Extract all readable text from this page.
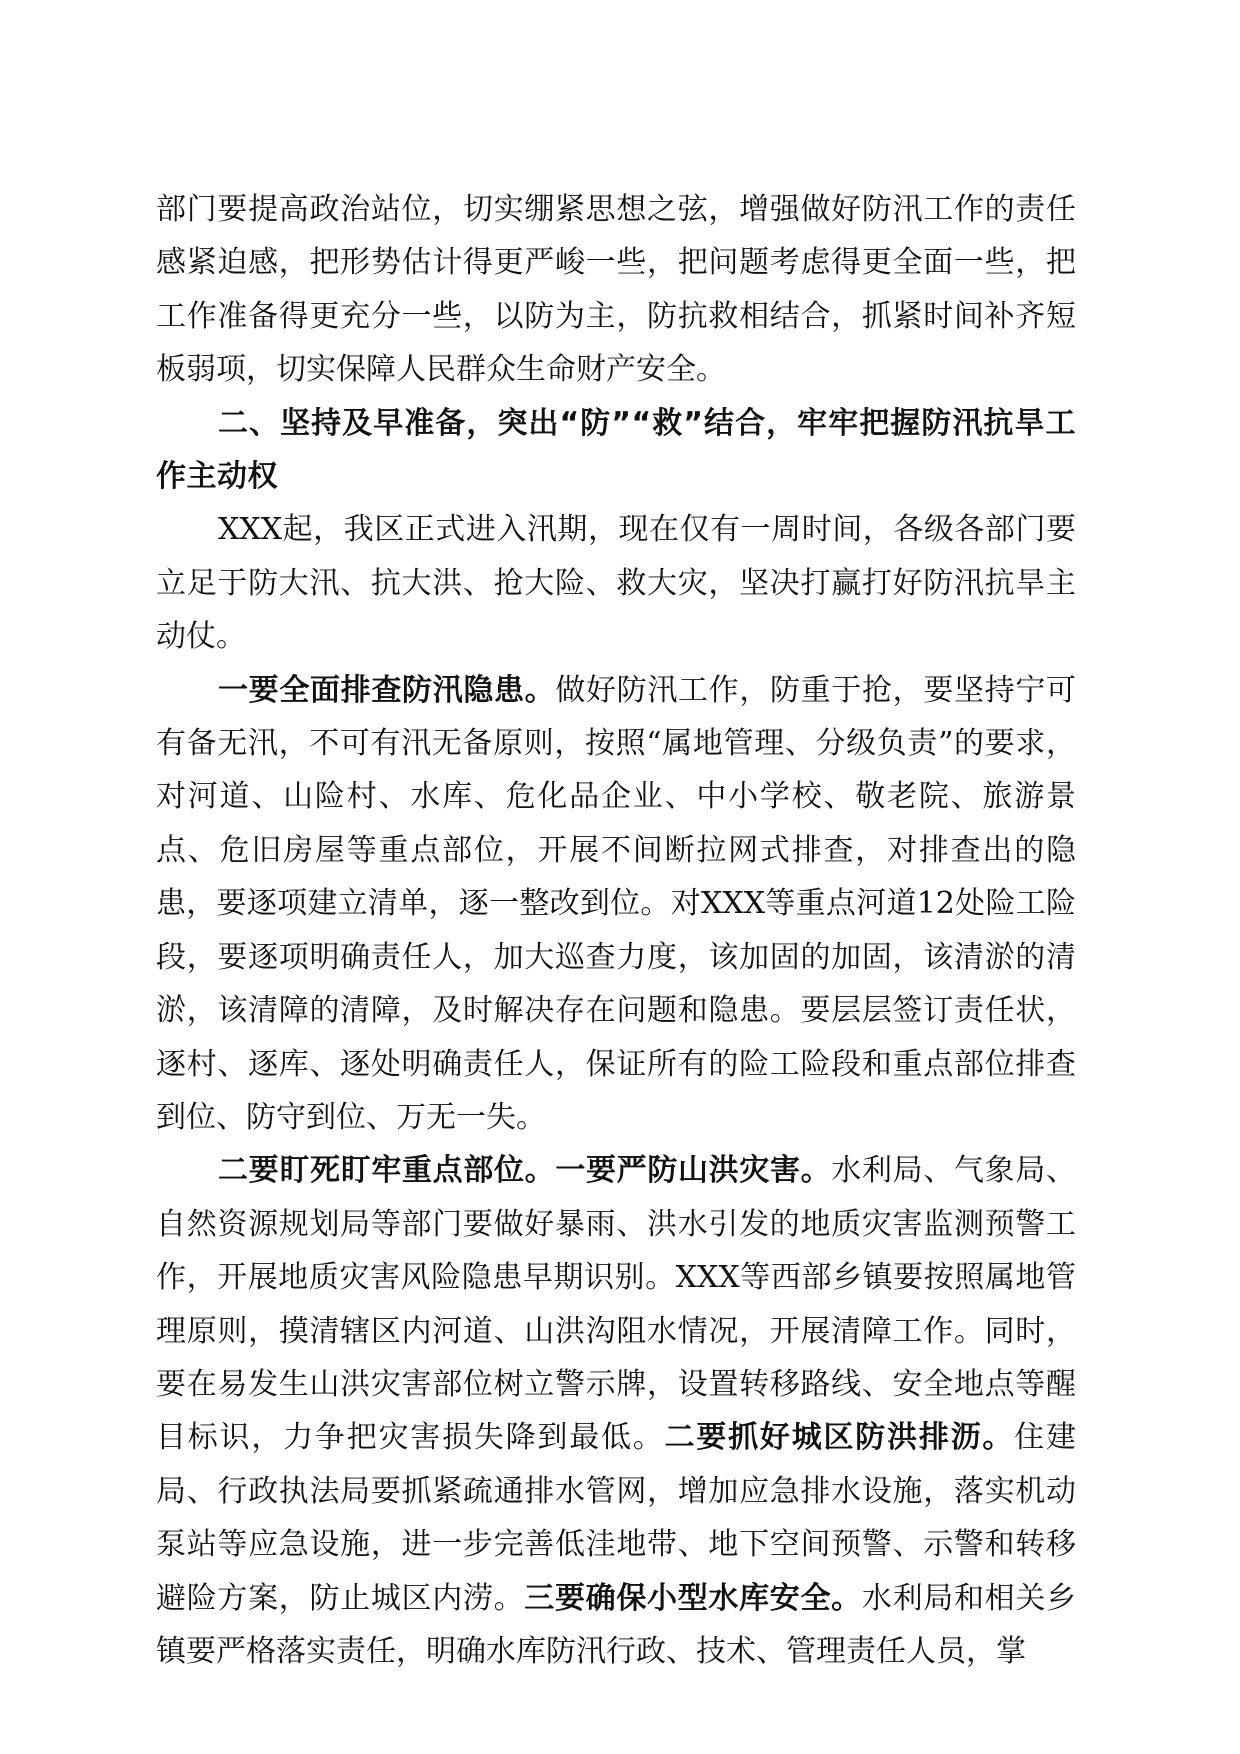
部门要提高政治站位，切实绷紧思想之弦，增强做好防汛工作的责任感紧迫感，把形势估计得更严峻一些，把问题考虑得更全面一些，把工作准备得更充分一些，以防为主，防抗救相结合，抓紧时间补齐短板弱项，切实保障人民群众生命财产安全。

二、坚持及早准备，突出“防”“救”结合，牢牢把握防汛抗旱工作主动权

XXX起，我区正式进入汛期，现在仅有一周时间，各级各部门要立足于防大汛、抗大洪、抢大险、救大灾，坚决打赢打好防汛抗旱主动仗。

一要全面排查防汛隐患。做好防汛工作，防重于抢，要坚持宁可有备无汛，不可有汛无备原则，按照“属地管理、分级负责”的要求，对河道、山险村、水库、危化品企业、中小学校、敬老院、旅游景点、危旧房屋等重点部位，开展不间断拉网式排查，对排查出的隐患，要逐项建立清单，逐一整改到位。对XXX等重点河道12处险工险段，要逐项明确责任人，加大巡查力度，该加固的加固，该清淤的清淤，该清障的清障，及时解决存在问题和隐患。要层层签订责任状，逐村、逐库、逐处明确责任人，保证所有的险工险段和重点部位排查到位、防守到位、万无一失。

二要盯死盯牢重点部位。一要严防山洪灾害。水利局、气象局、自然资源规划局等部门要做好暴雨、洪水引发的地质灾害监测预警工作，开展地质灾害风险隐患早期识别。XXX等西部乡镇要按照属地管理原则，摸清辖区内河道、山洪沟阻水情况，开展清障工作。同时，要在易发生山洪灾害部位树立警示牌，设置转移路线、安全地点等醒目标识，力争把灾害损失降到最低。二要抓好城区防洪排沥。住建局、行政执法局要抓紧疏通排水管网，增加应急排水设施，落实机动泵站等应急设施，进一步完善低洼地带、地下空间预警、示警和转移避险方案，防止城区内涝。三要确保小型水库安全。水利局和相关乡镇要严格落实责任，明确水库防汛行政、技术、管理责任人员，掌
